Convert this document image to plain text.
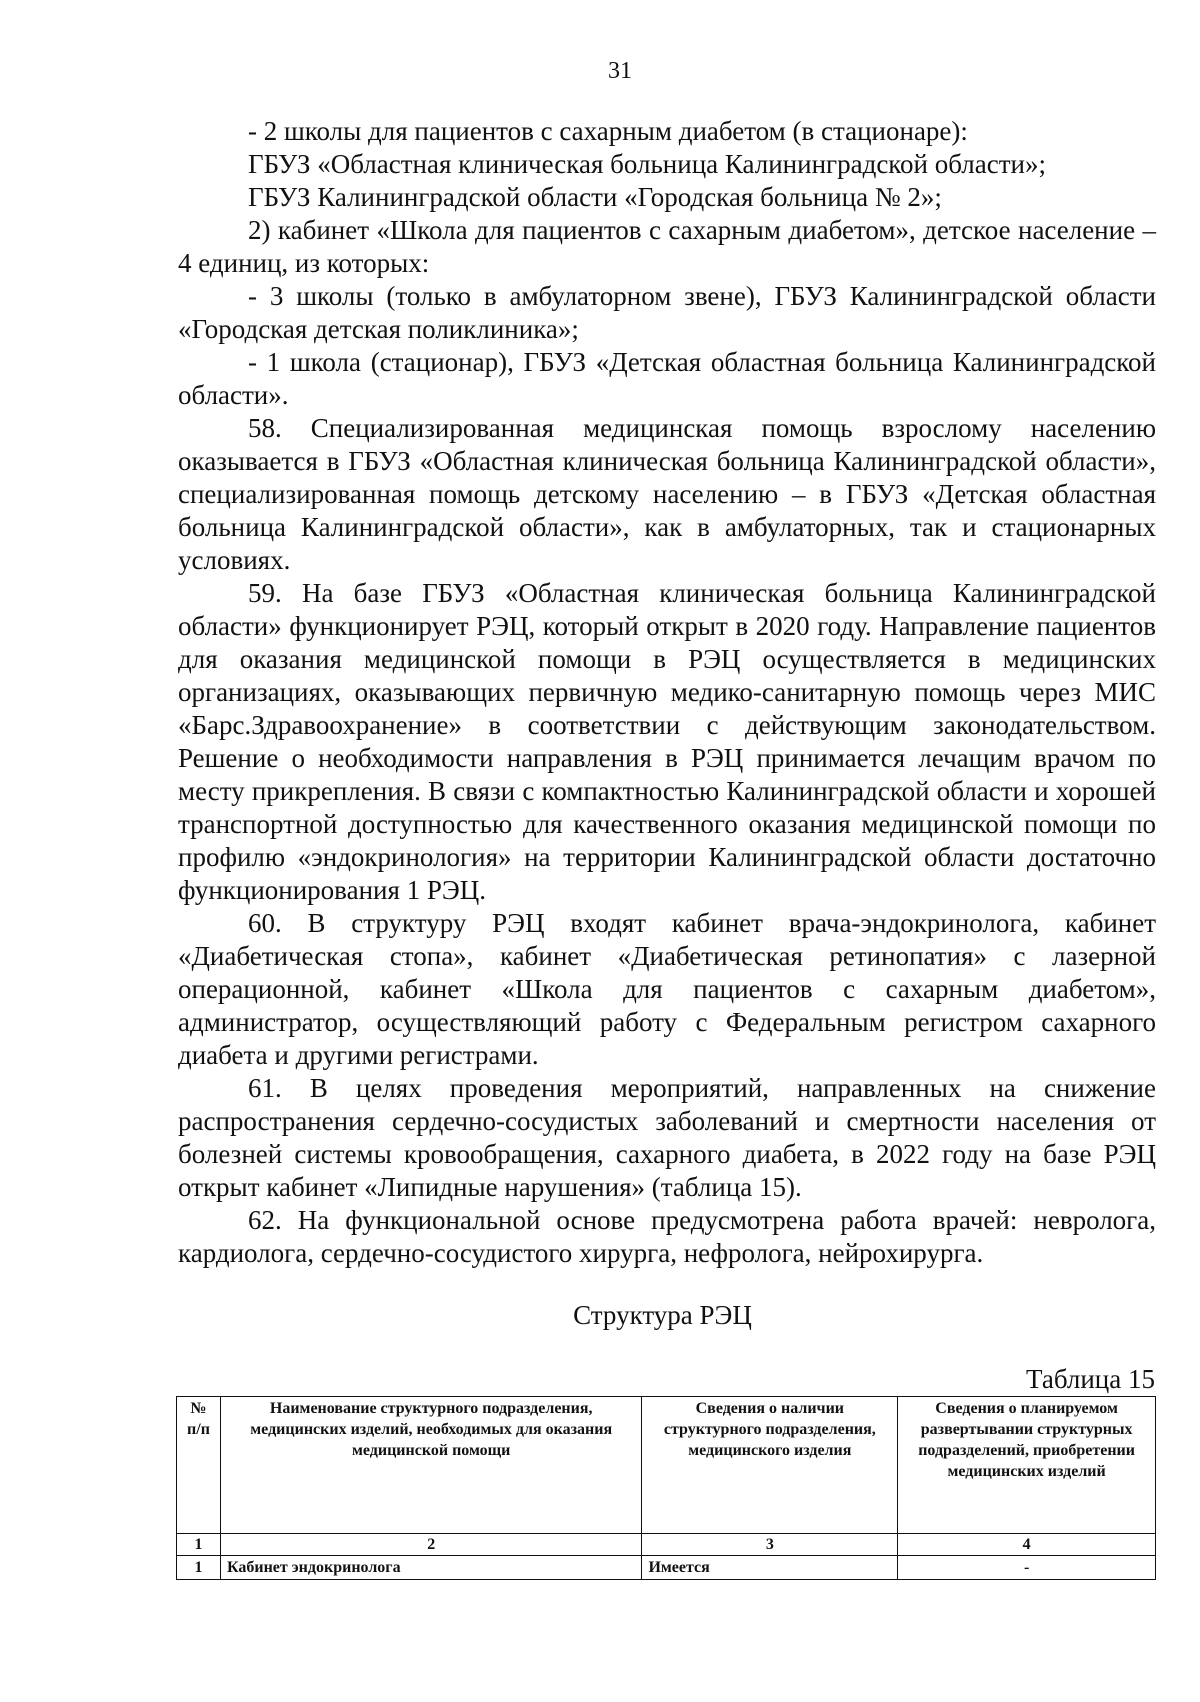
31

- 2 школы для пациентов с сахарным диабетом (в стационаре):

ГБУЗ «Областная клиническая больница Калининградской области»;

ГБУЗ Калининградской области «Городская больница № 2»;

2) кабинет «Школа для пациентов с сахарным диабетом», детское население – 4 единиц, из которых:

- 3 школы (только в амбулаторном звене), ГБУЗ Калининградской области «Городская детская поликлиника»;

- 1 школа (стационар), ГБУЗ «Детская областная больница Калининградской области».

58. Специализированная медицинская помощь взрослому населению оказывается в ГБУЗ «Областная клиническая больница Калининградской области», специализированная помощь детскому населению – в ГБУЗ «Детская областная больница Калининградской области», как в амбулаторных, так и стационарных условиях.

59. На базе ГБУЗ «Областная клиническая больница Калининградской области» функционирует РЭЦ, который открыт в 2020 году. Направление пациентов для оказания медицинской помощи в РЭЦ осуществляется в медицинских организациях, оказывающих первичную медико-санитарную помощь через МИС «Барс.Здравоохранение» в соответствии с действующим законодательством. Решение о необходимости направления в РЭЦ принимается лечащим врачом по месту прикрепления. В связи с компактностью Калининградской области и хорошей транспортной доступностью для качественного оказания медицинской помощи по профилю «эндокринология» на территории Калининградской области достаточно функционирования 1 РЭЦ.

60. В структуру РЭЦ входят кабинет врача-эндокринолога, кабинет «Диабетическая стопа», кабинет «Диабетическая ретинопатия» с лазерной операционной, кабинет «Школа для пациентов с сахарным диабетом», администратор, осуществляющий работу с Федеральным регистром сахарного диабета и другими регистрами.

61. В целях проведения мероприятий, направленных на снижение распространения сердечно-сосудистых заболеваний и смертности населения от болезней системы кровообращения, сахарного диабета, в 2022 году на базе РЭЦ открыт кабинет «Липидные нарушения» (таблица 15).

62. На функциональной основе предусмотрена работа врачей: невролога, кардиолога, сердечно-сосудистого хирурга, нефролога, нейрохирурга.

Структура РЭЦ
Таблица 15
№ п/п	Наименование структурного подразделения, медицинских изделий, необходимых для оказания медицинской помощи	Сведения о наличии структурного подразделения, медицинского изделия	Сведения о планируемом развертывании структурных подразделений, приобретении медицинских изделий
1	2	3	4
1	Кабинет эндокринолога	Имеется	-
